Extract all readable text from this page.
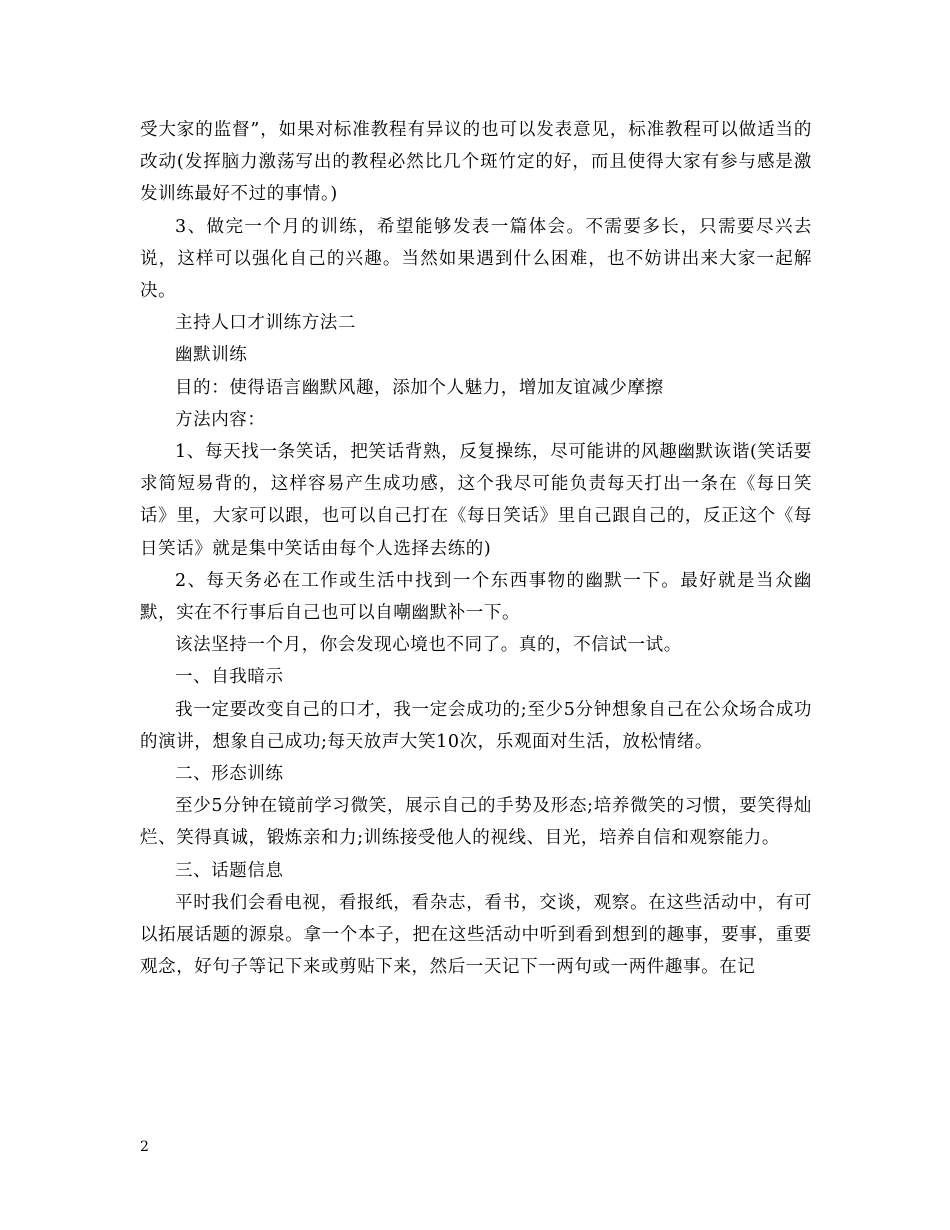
受大家的监督”，如果对标准教程有异议的也可以发表意见，标准教程可以做适当的改动(发挥脑力激荡写出的教程必然比几个斑竹定的好，而且使得大家有参与感是激发训练最好不过的事情。)

3、做完一个月的训练，希望能够发表一篇体会。不需要多长，只需要尽兴去说，这样可以强化自己的兴趣。当然如果遇到什么困难，也不妨讲出来大家一起解决。

主持人口才训练方法二

幽默训练

目的：使得语言幽默风趣，添加个人魅力，增加友谊减少摩擦

方法内容：

1、每天找一条笑话，把笑话背熟，反复操练，尽可能讲的风趣幽默诙谐(笑话要求简短易背的，这样容易产生成功感，这个我尽可能负责每天打出一条在《每日笑话》里，大家可以跟，也可以自己打在《每日笑话》里自己跟自己的，反正这个《每日笑话》就是集中笑话由每个人选择去练的)

2、每天务必在工作或生活中找到一个东西事物的幽默一下。最好就是当众幽默，实在不行事后自己也可以自嘲幽默补一下。

该法坚持一个月，你会发现心境也不同了。真的，不信试一试。

一、自我暗示

我一定要改变自己的口才，我一定会成功的;至少5分钟想象自己在公众场合成功的演讲，想象自己成功;每天放声大笑10次，乐观面对生活，放松情绪。

二、形态训练

至少5分钟在镜前学习微笑，展示自己的手势及形态;培养微笑的习惯，要笑得灿烂、笑得真诚，锻炼亲和力;训练接受他人的视线、目光，培养自信和观察能力。

三、话题信息

平时我们会看电视，看报纸，看杂志，看书，交谈，观察。在这些活动中，有可以拓展话题的源泉。拿一个本子，把在这些活动中听到看到想到的趣事，要事，重要观念，好句子等记下来或剪贴下来，然后一天记下一两句或一两件趣事。在记

2
